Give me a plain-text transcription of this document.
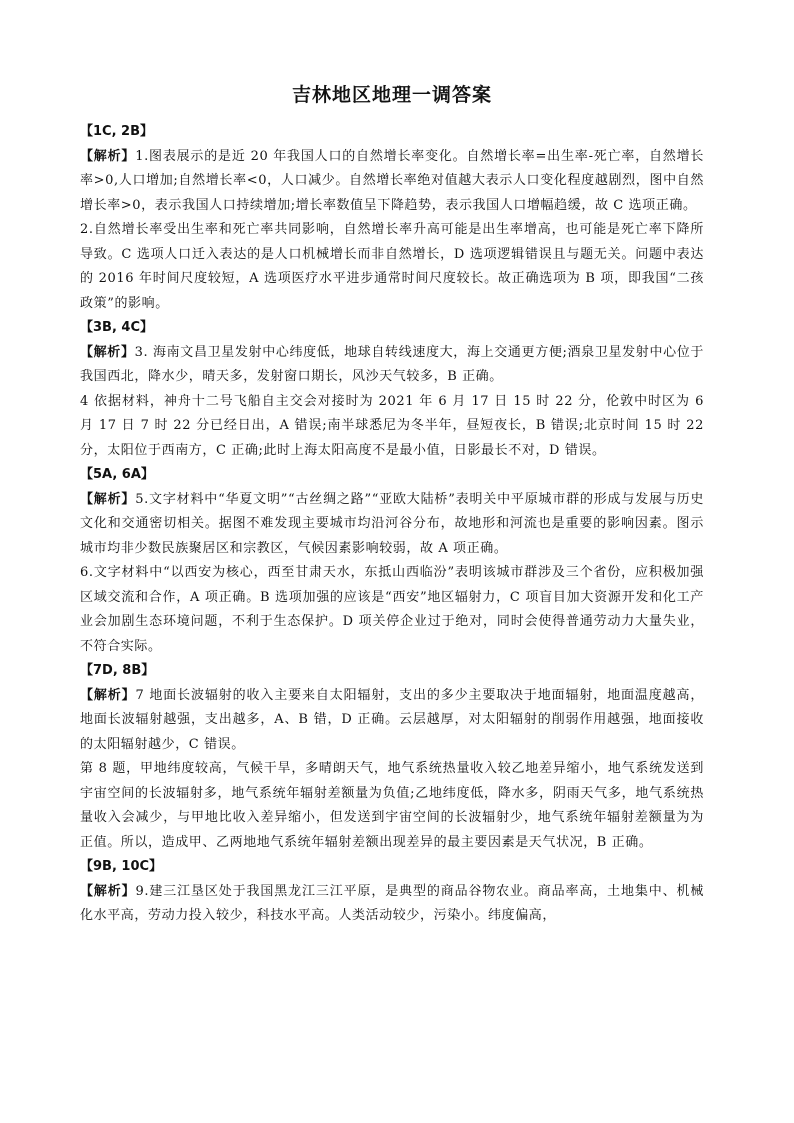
吉林地区地理一调答案
【1C, 2B】

【解析】1.图表展示的是近 20 年我国人口的自然增长率变化。自然增长率=出生率-死亡率，自然增长率>0,人口增加;自然增长率<0，人口减少。自然增长率绝对值越大表示人口变化程度越剧烈，图中自然增长率>0，表示我国人口持续增加;增长率数值呈下降趋势，表示我国人口增幅趋缓，故 C 选项正确。

2.自然增长率受出生率和死亡率共同影响，自然增长率升高可能是出生率增高，也可能是死亡率下降所导致。C 选项人口迁入表达的是人口机械增长而非自然增长，D 选项逻辑错误且与题无关。问题中表达的 2016 年时间尺度较短，A 选项医疗水平进步通常时间尺度较长。故正确选项为 B 项，即我国“二孩政策”的影响。

【3B, 4C】

【解析】3. 海南文昌卫星发射中心纬度低，地球自转线速度大，海上交通更方便;酒泉卫星发射中心位于我国西北，降水少，晴天多，发射窗口期长，风沙天气较多，B 正确。

4 依据材料，神舟十二号飞船自主交会对接时为 2021 年 6 月 17 日 15 时 22 分，伦敦中时区为 6 月 17 日 7 时 22 分已经日出，A 错误;南半球悉尼为冬半年，昼短夜长，B 错误;北京时间 15 时 22 分，太阳位于西南方，C 正确;此时上海太阳高度不是最小值，日影最长不对，D 错误。

【5A, 6A】

【解析】5.文字材料中“华夏文明”“古丝绸之路”“亚欧大陆桥”表明关中平原城市群的形成与发展与历史文化和交通密切相关。据图不难发现主要城市均沿河谷分布，故地形和河流也是重要的影响因素。图示城市均非少数民族聚居区和宗教区，气候因素影响较弱，故 A 项正确。

6.文字材料中“以西安为核心，西至甘肃天水，东抵山西临汾”表明该城市群涉及三个省份，应积极加强区域交流和合作，A 项正确。B 选项加强的应该是“西安”地区辐射力，C 项盲目加大资源开发和化工产业会加剧生态环境问题，不利于生态保护。D 项关停企业过于绝对，同时会使得普通劳动力大量失业，不符合实际。

【7D, 8B】

【解析】7 地面长波辐射的收入主要来自太阳辐射，支出的多少主要取决于地面辐射，地面温度越高，地面长波辐射越强，支出越多，A、B 错，D 正确。云层越厚，对太阳辐射的削弱作用越强，地面接收的太阳辐射越少，C 错误。

第 8 题，甲地纬度较高，气候干旱，多晴朗天气，地气系统热量收入较乙地差异缩小，地气系统发送到宇宙空间的长波辐射多，地气系统年辐射差额量为负值;乙地纬度低，降水多，阴雨天气多，地气系统热量收入会减少，与甲地比收入差异缩小，但发送到宇宙空间的长波辐射少，地气系统年辐射差额量为为正值。所以，造成甲、乙两地地气系统年辐射差额出现差异的最主要因素是天气状况，B 正确。

【9B, 10C】

【解析】9.建三江垦区处于我国黑龙江三江平原，是典型的商品谷物农业。商品率高，土地集中、机械化水平高，劳动力投入较少，科技水平高。人类活动较少，污染小。纬度偏高，
